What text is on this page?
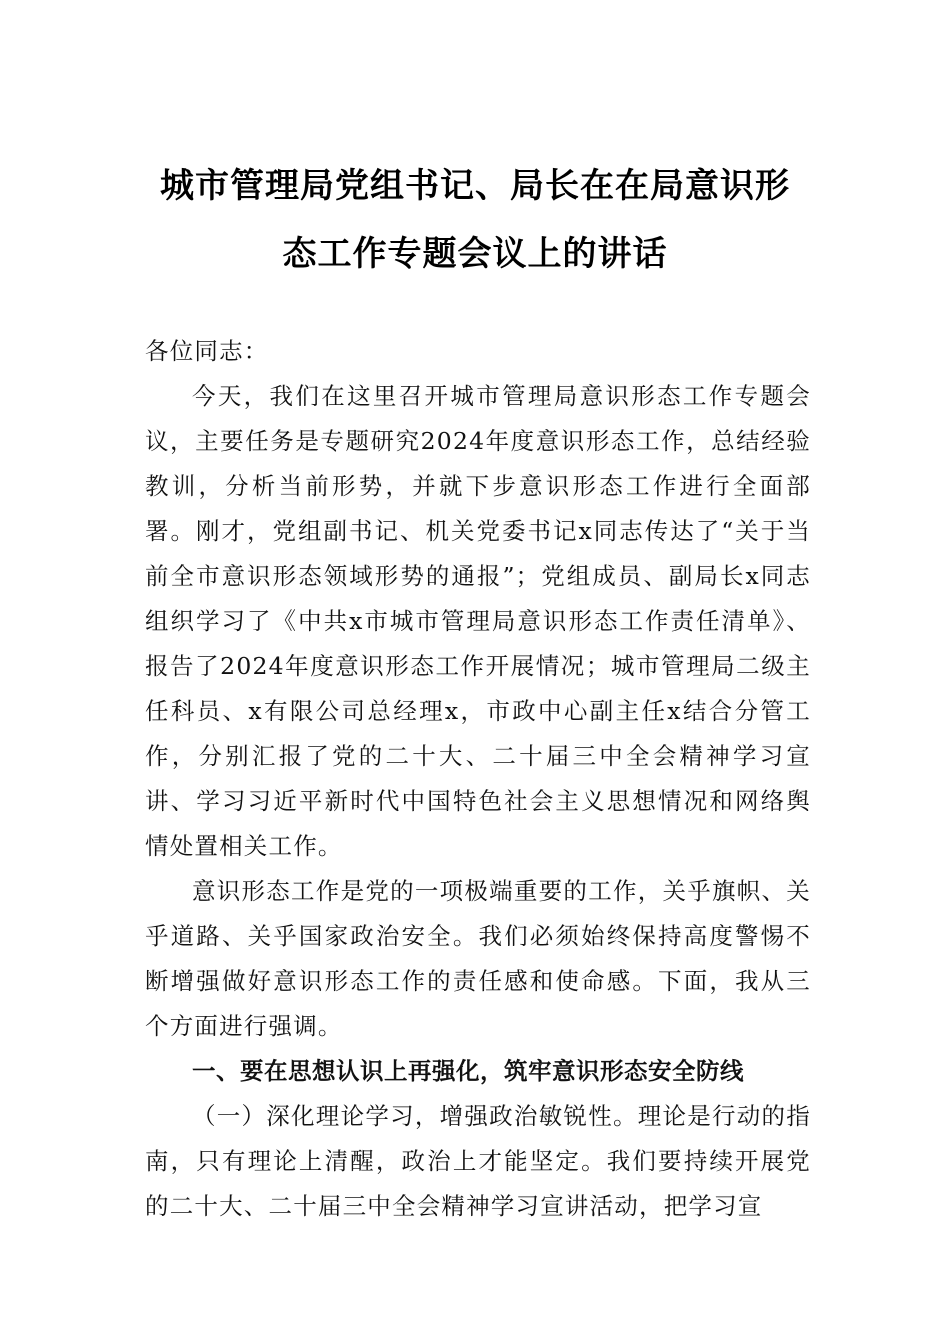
城市管理局党组书记、局长在在局意识形
态工作专题会议上的讲话

各位同志：

今天，我们在这里召开城市管理局意识形态工作专题会议，主要任务是专题研究2024年度意识形态工作，总结经验教训，分析当前形势，并就下步意识形态工作进行全面部署。刚才，党组副书记、机关党委书记x同志传达了“关于当前全市意识形态领域形势的通报”；党组成员、副局长x同志组织学习了《中共x市城市管理局意识形态工作责任清单》、报告了2024年度意识形态工作开展情况；城市管理局二级主任科员、x有限公司总经理x，市政中心副主任x结合分管工作，分别汇报了党的二十大、二十届三中全会精神学习宣讲、学习习近平新时代中国特色社会主义思想情况和网络舆情处置相关工作。

意识形态工作是党的一项极端重要的工作，关乎旗帜、关乎道路、关乎国家政治安全。我们必须始终保持高度警惕不断增强做好意识形态工作的责任感和使命感。下面，我从三个方面进行强调。

一、要在思想认识上再强化，筑牢意识形态安全防线

（一）深化理论学习，增强政治敏锐性。理论是行动的指南，只有理论上清醒，政治上才能坚定。我们要持续开展党的二十大、二十届三中全会精神学习宣讲活动，把学习宣
